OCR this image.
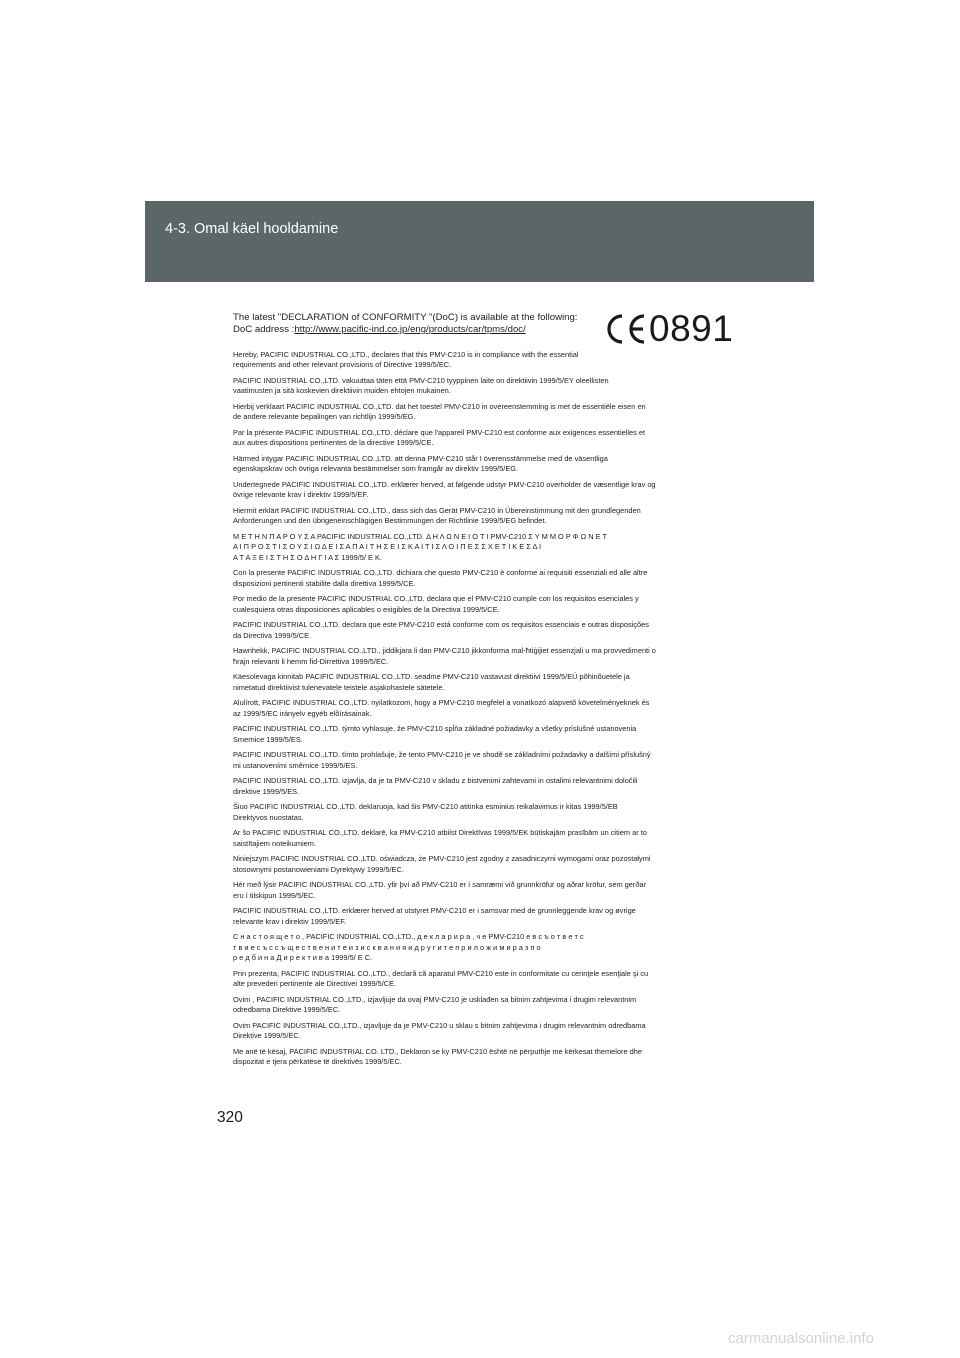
4-3. Omal käel hooldamine
The latest "DECLARATION of CONFORMITY "(DoC) is available at the following:
DoC address :http://www.pacific-ind.co.jp/eng/products/car/tpms/doc/	0891

Hereby, PACIFIC INDUSTRIAL CO.,LTD., declares that this PMV-C210 is in compliance with the essential
requirements and other relevant provisions of Directive 1999/5/EC.

PACIFIC INDUSTRIAL CO.,LTD. vakuuttaa täten että PMV-C210 tyyppinen laite on direktiivin 1999/5/EY oleellisten
vaatimusten ja sitä koskevien direktiivin muiden ehtojen mukainen.

Hierbij verklaart PACIFIC INDUSTRIAL CO.,LTD. dat het toestel PMV-C210 in overeenstemming is met de essentiële eisen en
de andere relevante bepalingen van richtlijn 1999/5/EG.

Par la présente PACIFIC INDUSTRIAL CO.,LTD. déclare que l'appareil PMV-C210 est conforme aux exigences essentielles et
aux autres dispositions pertinentes de la directive 1999/5/CE.

Härmed intygar PACIFIC INDUSTRIAL CO.,LTD. att denna PMV-C210 står I överensstämmelse med de väsentliga
egenskapskrav och övriga relevanta bestämmelser som framgår av direktiv 1999/5/EG.

Undertegnede PACIFIC INDUSTRIAL CO.,LTD. erklærer herved, at følgende udstyr PMV-C210 overholder de væsentlige krav og
övrige relevante krav i direktiv 1999/5/EF.

Hiermit erklärt PACIFIC INDUSTRIAL CO.,LTD., dass sich das Gerät PMV-C210 in Übereinstimmung mit den grundlegenden
Anforderungen und den übrigeneinschlägigen Bestimmungen der Richtlinie 1999/5/EG befindet.

Μ Ε Τ Η Ν Π Α Ρ Ο Υ Σ Α PACIFIC INDUSTRIAL CO.,LTD. Δ Η Λ Ω Ν Ε Ι Ο Τ Ι PMV-C210 Σ Υ Μ Μ Ο Ρ Φ Ω Ν Ε Τ
Α Ι Π Ρ Ο Σ Τ Ι Σ Ο Υ Σ Ι Ω Δ Ε Ι Σ Α Π Α Ι Τ Η Σ Ε Ι Σ Κ Α Ι Τ Ι Σ Λ Ο Ι Π Ε Σ Σ Χ Ε Τ Ι Κ Ε Σ Δ Ι
Α Τ Α Ξ Ε Ι Σ Τ Η Σ Ο Δ Η Γ Ι Α Σ 1999/5/ Ε Κ.

Con la presente PACIFIC INDUSTRIAL CO.,LTD. dichiara che questo PMV-C210 è conforme ai requisiti essenziali ed alle altre
disposizioni pertinenti stabilite dalla direttiva 1999/5/CE.

Por medio de la presente PACIFIC INDUSTRIAL CO.,LTD. declara que el PMV-C210 cumple con los requisitos esenciales y
cualesquiera otras disposiciones aplicables o exigibles de la Directiva 1999/5/CE.

PACIFIC INDUSTRIAL CO.,LTD. declara que este PMV-C210 está conforme com os requisitos essenciais e outras disposições
da Directiva 1999/5/CE.

Hawnhekk, PACIFIC INDUSTRIAL CO.,LTD., jiddikjara li dan PMV-C210 jikkonforma mal-ħtiġijiet essenzjali u ma provvedimenti o
ħrajn relevanti li hemm fid-Dirrettiva 1999/5/EC.

Käesolevaga kinnitab PACIFIC INDUSTRIAL CO.,LTD. seadme PMV-C210 vastavust direktiivi 1999/5/EÜ põhinõuetele ja
nimetatud direktiivist tulenevatele teistele asjakohastele sätetele.

Alulírott, PACIFIC INDUSTRIAL CO.,LTD. nyilatkozom, hogy a PMV-C210 megfelel a vonatkozó alapvetõ követelményeknek és
az 1999/5/EC irányelv egyéb elõírásainak.

PACIFIC INDUSTRIAL CO.,LTD. týmto vyhlasuje, že PMV-C210 spĺňa základné požiadavky a všetky príslušné ustanovenia
Smernice 1999/5/ES.

PACIFIC INDUSTRIAL CO.,LTD. tímto prohlašuje, že tento PMV-C210 je ve shodě se základními požadavky a dalšími příslušný
mi ustanoveními směrnice 1999/5/ES.

PACIFIC INDUSTRIAL CO.,LTD. izjavlja, da je ta PMV-C210 v skladu z bistvenimi zahtevami in ostalimi relevantnimi določili
direktive 1999/5/ES.

Šiuo PACIFIC INDUSTRIAL CO.,LTD. deklaruoja, kad šis PMV-C210 atitinka esminius reikalavimus ir kitas 1999/5/EB
Direktyvos nuostatas.

Ar šo PACIFIC INDUSTRIAL CO.,LTD. deklarē, ka PMV-C210 atbilst Direktīvas 1999/5/EK būtiskajām prasībām un citiem ar to
saistītajiem noteikumiem.

Niniejszym PACIFIC INDUSTRIAL CO.,LTD. oświadcza, że PMV-C210 jest zgodny z zasadniczymi wymogami oraz pozostałymi
stosownymi postanowieniami Dyrektywy 1999/5/EC.

Hér með lýsir PACIFIC INDUSTRIAL CO.,LTD. yfir því að PMV-C210 er í samræmi við grunnkröfur og aðrar kröfur, sem gerðar
eru í tilskipun 1999/5/EC.

PACIFIC INDUSTRIAL CO.,LTD. erklærer herved at utstyret PMV-C210 er i samsvar med de grunnleggende krav og øvrige
relevante krav i direktiv 1999/5/EF.

С н а с т о я щ е т о , PACIFIC INDUSTRIAL CO.,LTD., д е к л а р и р а , ч е PMV-C210 е в с ъ о т в е т с
т в и е с ъ с с ъ щ е с т в е н и т е и з и с к в а н и я и д р у г и т е п р и л о ж и м и р а з п о
р е д б и н а Д и р е к т и в а 1999/5/ Е С.

Prin prezenta, PACIFIC INDUSTRIAL CO.,LTD., declară că aparatul PMV-C210 este in conformitate cu cerinţele esenţiale şi cu
alte prevederi pertinente ale Directivei 1999/5/CE.

Ovim , PACIFIC INDUSTRIAL CO.,LTD., izjavljuje da ovaj PMV-C210 je usklađen sa bitnim zahtjevima i drugim relevantnim
odredbama Direktive 1999/5/EC.

Ovim PACIFIC INDUSTRIAL CO.,LTD., izjavljuje da je PMV-C210 u sklau s bitnim zahtjevima i drugim relevantnim odredbama
Direktive 1999/5/EC.

Me anë të kësaj, PACIFIC INDUSTRIAL CO. LTD., Deklaron se ky PMV-C210 është në përputhje me kërkesat themelore dhe
dispozitat e tjera përkatëse të direktivës 1999/5/EC.

320
carmanualsonline.info
